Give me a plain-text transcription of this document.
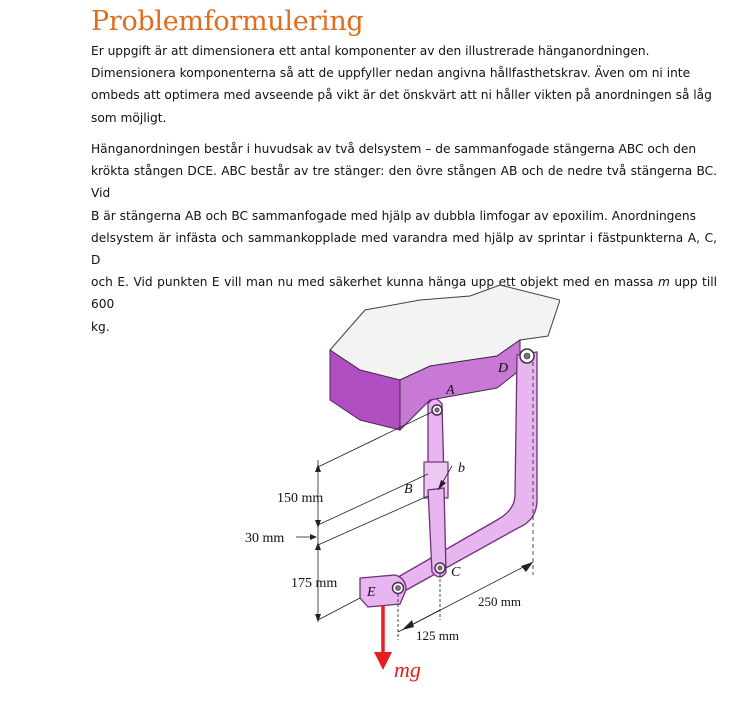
Problemformulering
Er uppgift är att dimensionera ett antal komponenter av den illustrerade hänganordningen.
Dimensionera komponenterna så att de uppfyller nedan angivna hållfasthetskrav. Även om ni inte
ombeds att optimera med avseende på vikt är det önskvärt att ni håller vikten på anordningen så låg
som möjligt.
Hänganordningen består i huvudsak av två delsystem – de sammanfogade stängerna ABC och den
krökta stången DCE. ABC består av tre stänger: den övre stången AB och de nedre två stängerna BC. Vid
B är stängerna AB och BC sammanfogade med hjälp av dubbla limfogar av epoxilim. Anordningens
delsystem är infästa och sammankopplade med varandra med hjälp av sprintar i fästpunkterna A, C, D
och E. Vid punkten E vill man nu med säkerhet kunna hänga upp ett objekt med en massa m upp till 600
kg.
A
D
B
b
C
E
150 mm
30 mm
175 mm
250 mm
125 mm
mg
